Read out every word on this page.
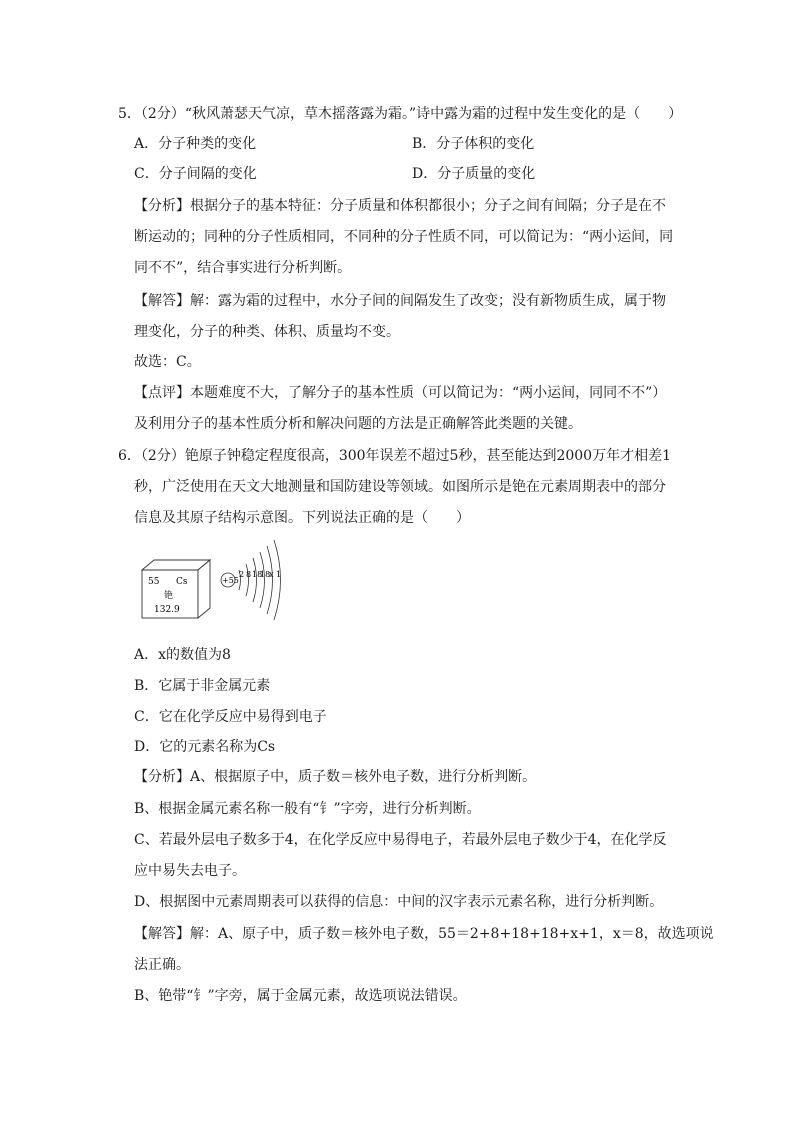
5．（2分）“秋风萧瑟天气凉，草木摇落露为霜。”诗中露为霜的过程中发生变化的是（　　）
A．分子种类的变化	B．分子体积的变化
C．分子间隔的变化	D．分子质量的变化
【分析】根据分子的基本特征：分子质量和体积都很小；分子之间有间隔；分子是在不
断运动的；同种的分子性质相同，不同种的分子性质不同，可以简记为：“两小运间，同
同不不”，结合事实进行分析判断。
【解答】解：露为霜的过程中，水分子间的间隔发生了改变；没有新物质生成，属于物
理变化，分子的种类、体积、质量均不变。
故选：C。
【点评】本题难度不大，了解分子的基本性质（可以简记为：“两小运间，同同不不”）
及利用分子的基本性质分析和解决问题的方法是正确解答此类题的关键。
6．（2分）铯原子钟稳定程度很高，300年误差不超过5秒，甚至能达到2000万年才相差1
秒，广泛使用在天文大地测量和国防建设等领域。如图所示是铯在元素周期表中的部分
信息及其原子结构示意图。下列说法正确的是（　　）
55 Cs
铯
132.9
+55
2 8 18
18
x 1
A．x的数值为8
B．它属于非金属元素
C．它在化学反应中易得到电子
D．它的元素名称为Cs
【分析】A、根据原子中，质子数＝核外电子数，进行分析判断。
B、根据金属元素名称一般有“钅”字旁，进行分析判断。
C、若最外层电子数多于4，在化学反应中易得电子，若最外层电子数少于4，在化学反
应中易失去电子。
D、根据图中元素周期表可以获得的信息：中间的汉字表示元素名称，进行分析判断。
【解答】解：A、原子中，质子数＝核外电子数，55＝2+8+18+18+x+1，x＝8，故选项说
法正确。
B、铯带“钅”字旁，属于金属元素，故选项说法错误。
